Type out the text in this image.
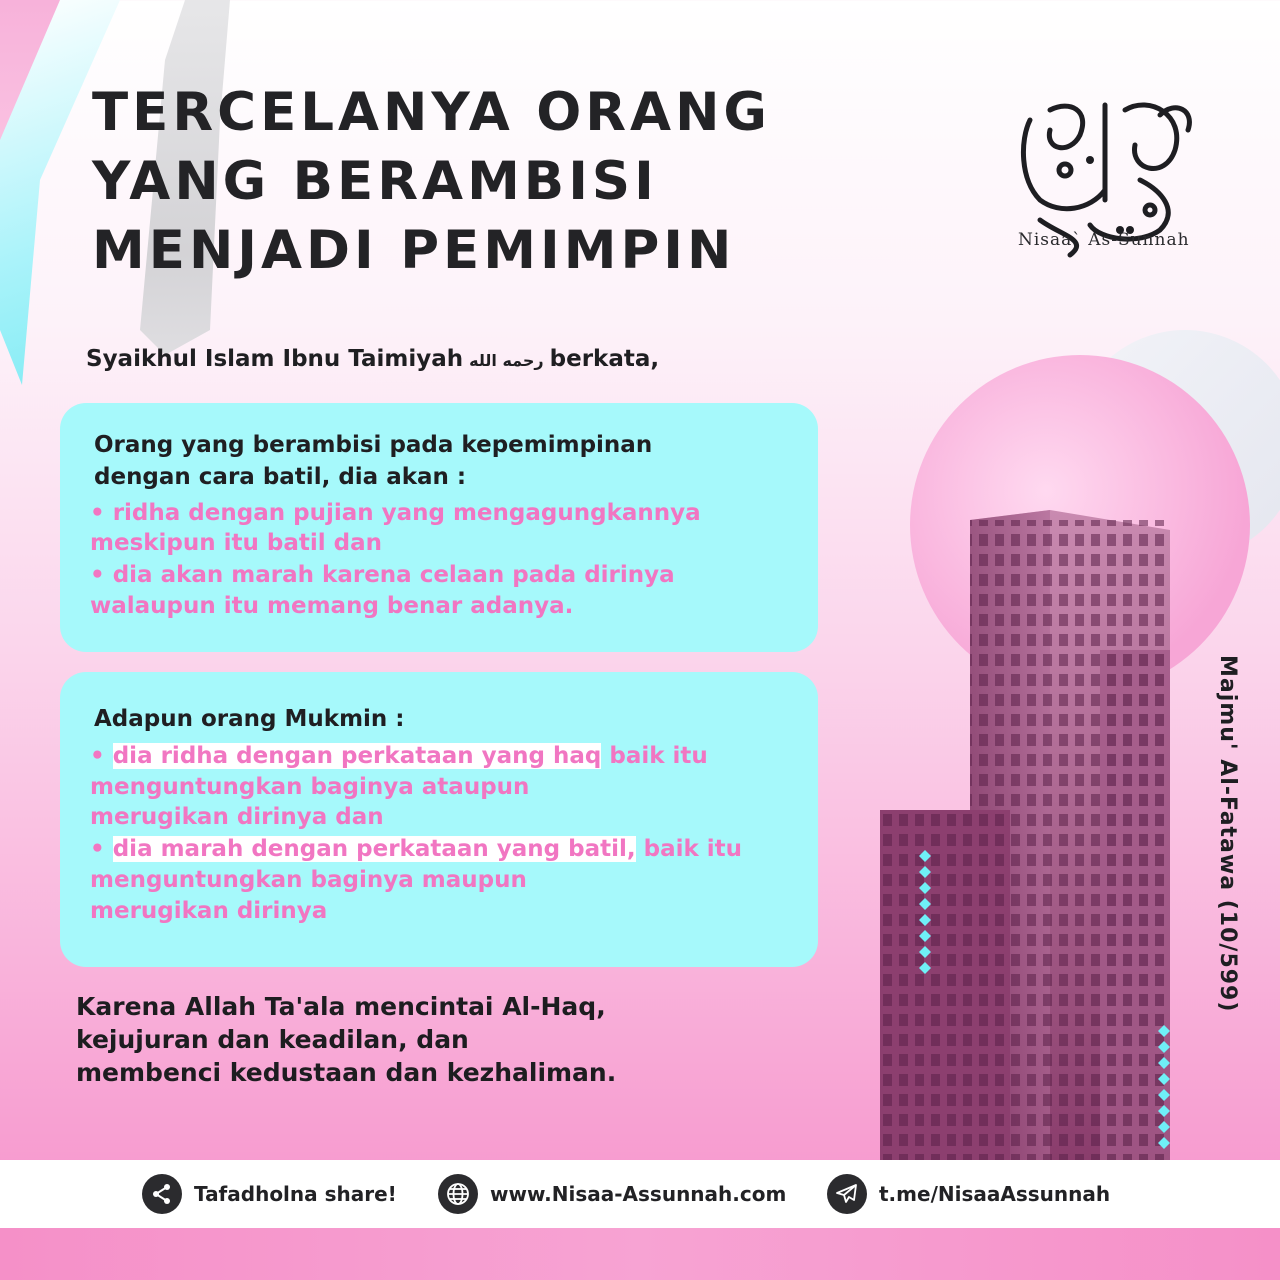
TERCELANYA ORANG
YANG BERAMBISI
MENJADI PEMIMPIN	Nisaa` As-Sunnah
Syaikhul Islam Ibnu Taimiyah رحمه الله berkata,
Orang yang berambisi pada kepemimpinan
dengan cara batil, dia akan :
• ridha dengan pujian yang mengagungkannya
meskipun itu batil dan
• dia akan marah karena celaan pada dirinya
walaupun itu memang benar adanya.
Adapun orang Mukmin :
• dia ridha dengan perkataan yang haq baik itu
menguntungkan baginya ataupun
merugikan dirinya dan
• dia marah dengan perkataan yang batil, baik itu
menguntungkan baginya maupun
merugikan dirinya
Karena Allah Ta'ala mencintai Al-Haq,
kejujuran dan keadilan, dan
membenci kedustaan dan kezhaliman.
Majmu' Al-Fatawa (10/599)
Tafadholna share!	www.Nisaa-Assunnah.com	t.me/NisaaAssunnah
